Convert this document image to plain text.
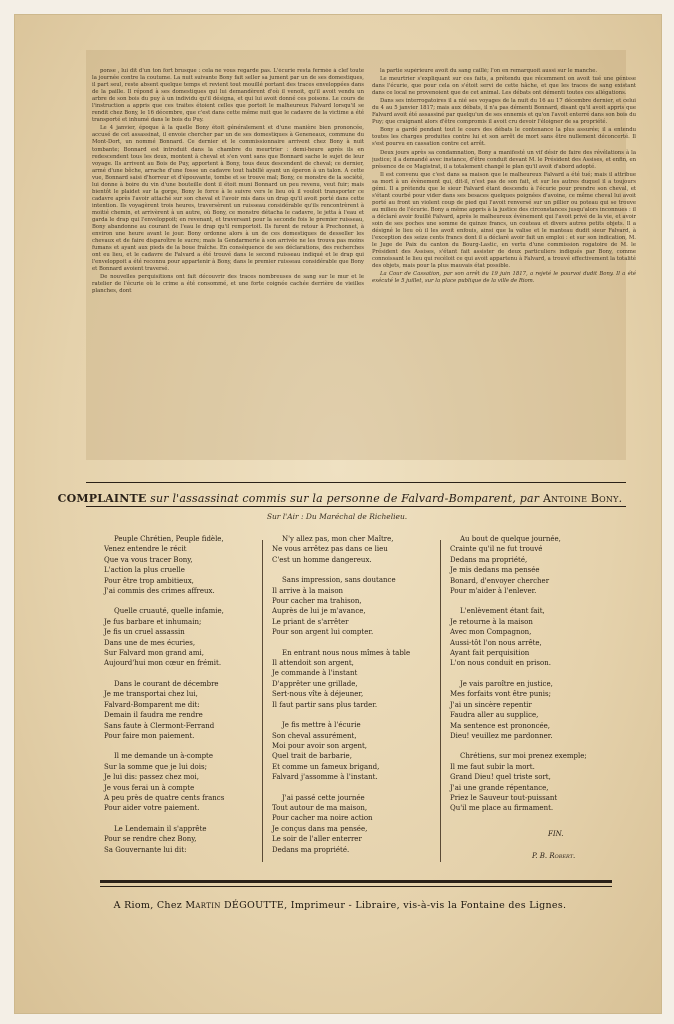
ponse , lui dit d'un ton fort brusque : cela ne vous regarde pas. L'écurie resta fermée à clef toute la journée contre la coutume. La nuit suivante Bony fait seller sa jument par un de ses domestiques, il part seul, reste absent quelque temps et revient tout mouillé portant des traces enveloppées dans de la paille. Il répond à ses domestiques qui lui demandèrent d'où il venoit, qu'il avoit vendu un arbre de son bois du puy à un individu qu'il désigna, et qui lui avoit donné ces poisons. Le cours de l'instruction a appris que ces traites étoient celles que portoit le malheureux Falvard lorsqu'il se rendit chez Bony, le 16 décembre, que c'est dans cette même nuit que le cadavre de la victime a été transporté et inhumé dans le bois du Puy.

Le 4 janvier, époque à la quelle Bony étoit généralement et d'une manière bien prononcée, accusé de cet assassinat, il envoie chercher par un de ses domestiques à Geneneaux, commune du Mont-Dort, un nommé Bonnard. Ce dernier et le commissionnaire arrivent chez Bony à nuit tombante; Bonnard est introduit dans la chambre du meurtrier : demi-heure après ils en redescendent tous les deux, montent à cheval et s'en vont sans que Bonnard sache le sujet de leur voyage. Ils arrivent au Bois de Puy, apportent à Bony, tous deux descendent de cheval; ce dernier, armé d'une bêche, arrache d'une fosse un cadavre tout habillé ayant un éperon à un talon. A cette vue, Bonnard saisi d'horreur et d'épouvante, tombe et se trouve mal; Bony, ce monstre de la société, lui donne à boire du vin d'une bouteille dont il étoit muni Bonnard un peu revenu, veut fuir; mais bientôt le plaidet sur la gorge, Bony le force à le suivre vers le lieu où il vouloit transporter ce cadavre après l'avoir attaché sur son cheval et l'avoir mis dans un drap qu'il avoit porté dans cette intention. Ils voyagèrent trois heures, traversèrent un ruisseau considérable qu'ils rencontrèrent à moitié chemin, et arrivèrent à un autre, où Bony, ce monstre détacha le cadavre, le jetta à l'eau et garda le drap qui l'enveloppoit; en revenant, et traversant pour la seconde fois le premier ruisseau, Bony abandonne au courant de l'eau le drap qu'il remportoit. Ils furent de retour à Prechonnet, à environ une heure avant le jour. Bony ordonne alors à un de ces domestiques de desseller les chevaux et de faire disparoître le sucre; mais la Gendarmerie à son arrivée ne les trouva pas moins fumans et ayant aux pieds de la boue fraîche. En conséquence de ses déclarations, des recherches ont eu lieu, et le cadavre de Falvard a été trouvé dans le second ruisseau indiqué et le drap qui l'enveloppoit a été reconnu pour appartenir à Bony, dans le premier ruisseau considérable que Bony et Bonnard avoient traversé.

De nouvelles perquisitions ont fait découvrir des traces nombreuses de sang sur le mur et le ratelier de l'écurie où le crime a été consommé, et une forte coignée cachée derrière de vieilles planches, dont

la partie supérieure avoit du sang caillé; l'on en remarquoit aussi sur le manche.

Le meurtrier s'expliquant sur ces faits, a prétendu que récemment on avoit tué une génisse dans l'écurie, que pour cela on s'étoit servi de cette hâche, et que les traces de sang existant dans ce local ne provenoient que de cet animal. Les débats ont démenti toutes ces allégations.

Dans ses interrogatoires il a nié ses voyages de la nuit du 16 au 17 décembre dernier, et celui du 4 au 5 janvier 1817; mais aux débats, il n'a pas démenti Bonnard, disant qu'il avoit appris que Falvard avoit été assassiné par quelqu'un de ses ennemis et qu'on l'avoit enterré dans son bois du Puy; que craignant alors d'être compromis il avoit cru devoir l'éloigner de sa propriété.

Bony a gardé pendant tout le cours des débats le contenance la plus assurée; il a entendu toutes les charges produites contre lui et son arrêt de mort sans être nullement déconcerté. Il s'est pourvu en cassation contre cet arrêt.

Deux jours après sa condamnation, Bony a manifesté un vif désir de faire des révélations à la justice; il a demandé avec instance, d'être conduit devant M. le Président des Assises, et enfin, en présence de ce Magistrat, il a totalement changé le plan qu'il avoit d'abord adopté.

Il est convenu que c'est dans sa maison que le malheureux Falvard a été tué; mais il attribue sa mort à un évènement qui, dit-il, n'est pas de son fait, et sur les autres duquel il a toujours gémi. Il a prétendu que le sieur Falvard étant descendu à l'écurie pour prendre son cheval, et s'étant courbé pour vider dans ses besaces quelques poignées d'avoine, ce même cheval lui avoit porté au front un violent coup de pied qui l'avoit renversé sur un pillier ou poteau qui se trouve au milieu de l'écurie. Bony a même appris à la justice des circonstances jusqu'alors inconnues : il a déclaré avoir fouillé Falvard, après le malheureux évènement qui l'avoit privé de la vie, et avoir soin de ses poches une somme de quinze francs, un couteau et divers autres petits objets. Il a désigné le lieu où il les avoit enfouis, ainsi que la valise et le manteau dudit sieur Falvard, à l'exception des seize cents francs dont il a déclaré avoir fait un emploi : et sur son indication, M. le Juge de Paix du canton du Bourg-Lastic, en vertu d'une commission rogatoire de M. le Président des Assises, s'étant fait assister de deux particuliers indiqués par Bony, comme connoissant le lieu qui recéloit ce qui avoit appartenu à Falvard, a trouvé effectivement la totalité des objets, mais pour la plus mauvais état possible.

La Cour de Cassation, par son arrêt du 19 juin 1817, a rejeté le pourvoi dudit Bony. Il a été exécuté le 5 juillet, sur la place publique de la ville de Riom.

COMPLAINTE sur l'assassinat commis sur la personne de Falvard-Bomparent, par Antoine Bony.
Sur l'Air : Du Maréchal de Richelieu.
Peuple Chrétien, Peuple fidèle,
Venez entendre le récit
Que va vous tracer Bony,
L'action la plus cruelle
Pour être trop ambitieux,
J'ai commis des crimes affreux.
Quelle cruauté, quelle infamie,
Je fus barbare et inhumain;
Je fis un cruel assassin
Dans une de mes écuries,
Sur Falvard mon grand ami,
Aujourd'hui mon cœur en frémit.
Dans le courant de décembre
Je me transportai chez lui,
Falvard-Bomparent me dit:
Demain il faudra me rendre
Sans faute à Clermont-Ferrand
Pour faire mon paiement.
Il me demande un à-compte
Sur la somme que je lui dois;
Je lui dis: passez chez moi,
Je vous ferai un à compte
A peu près de quatre cents francs
Pour aider votre paiement.
Le Lendemain il s'apprête
Pour se rendre chez Bony,
Sa Gouvernante lui dit:
N'y allez pas, mon cher Maître,
Ne vous arrêtez pas dans ce lieu
C'est un homme dangereux.
Sans impression, sans doutance
Il arrive à la maison
Pour cacher ma trahison,
Auprès de lui je m'avance,
Le priant de s'arrêter
Pour son argent lui compter.
En entrant nous nous mîmes à table
Il attendoit son argent,
Je commande à l'instant
D'apprêter une grillade,
Sert-nous vîte à déjeuner,
Il faut partir sans plus tarder.
Je fis mettre à l'écurie
Son cheval assurément,
Moi pour avoir son argent,
Quel trait de barbarie,
Et comme un fameux brigand,
Falvard j'assomme à l'instant.
J'ai passé cette journée
Tout autour de ma maison,
Pour cacher ma noire action
Je conçus dans ma pensée,
Le soir de l'aller enterrer
Dedans ma propriété.
Au bout de quelque journée,
Crainte qu'il ne fut trouvé
Dedans ma propriété,
Je mis dedans ma pensée
Bonard, d'envoyer chercher
Pour m'aider à l'enlever.
L'enlèvement étant fait,
Je retourne à la maison
Avec mon Compagnon,
Aussi-tôt l'on nous arrête,
Ayant fait perquisition
L'on nous conduit en prison.
Je vais paroître en justice,
Mes forfaits vont être punis;
J'ai un sincère repentir
Faudra aller au supplice,
Ma sentence est prononcée,
Dieu! veuillez me pardonner.
Chrétiens, sur moi prenez exemple;
Il me faut subir la mort.
Grand Dieu! quel triste sort,
J'ai une grande répentance,
Priez le Sauveur tout-puissant
Qu'il me place au firmament.
FIN.
P. B. Robert.
A Riom, Chez Martin DÉGOUTTE, Imprimeur - Libraire, vis-à-vis la Fontaine des Lignes.
